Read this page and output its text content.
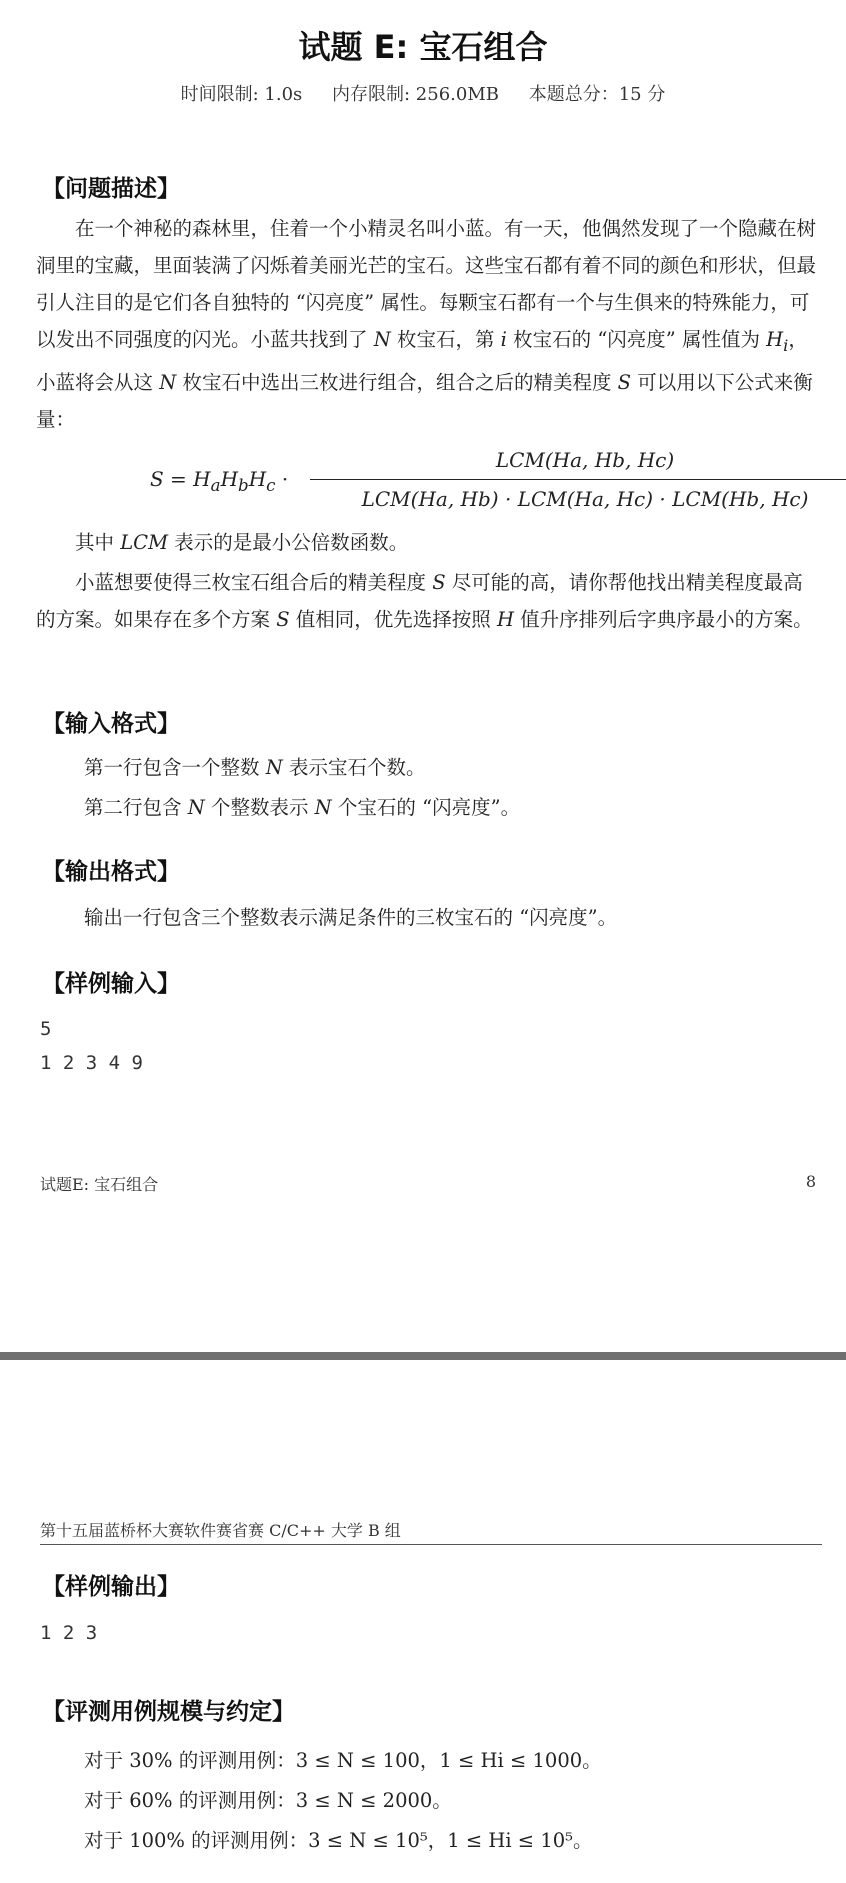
试题 E: 宝石组合
时间限制: 1.0s 内存限制: 256.0MB 本题总分：15 分
【问题描述】
在一个神秘的森林里，住着一个小精灵名叫小蓝。有一天，他偶然发现了一个隐藏在树洞里的宝藏，里面装满了闪烁着美丽光芒的宝石。这些宝石都有着不同的颜色和形状，但最引人注目的是它们各自独特的 “闪亮度” 属性。每颗宝石都有一个与生俱来的特殊能力，可以发出不同强度的闪光。小蓝共找到了 N 枚宝石，第 i 枚宝石的 “闪亮度” 属性值为 $H_i$，小蓝将会从这 N 枚宝石中选出三枚进行组合，组合之后的精美程度 S 可以用以下公式来衡量：
$S = H_aH_bH_c$ ·
LCM(Ha, Hb, Hc)
LCM(Ha, Hb) · LCM(Ha, Hc) · LCM(Hb, Hc)
其中 LCM 表示的是最小公倍数函数。
小蓝想要使得三枚宝石组合后的精美程度 S 尽可能的高，请你帮他找出精美程度最高的方案。如果存在多个方案 S 值相同，优先选择按照 H 值升序排列后字典序最小的方案。
【输入格式】
第一行包含一个整数 N 表示宝石个数。
第二行包含 N 个整数表示 N 个宝石的 “闪亮度”。
【输出格式】
输出一行包含三个整数表示满足条件的三枚宝石的 “闪亮度”。
【样例输入】
5
1 2 3 4 9
试题E: 宝石组合	8
第十五届蓝桥杯大赛软件赛省赛 C/C++ 大学 B 组
【样例输出】
1 2 3
【评测用例规模与约定】
对于 30% 的评测用例：3 ≤ N ≤ 100，1 ≤ Hi ≤ 1000。
对于 60% 的评测用例：3 ≤ N ≤ 2000。
对于 100% 的评测用例：3 ≤ N ≤ 10⁵，1 ≤ Hi ≤ 10⁵。
